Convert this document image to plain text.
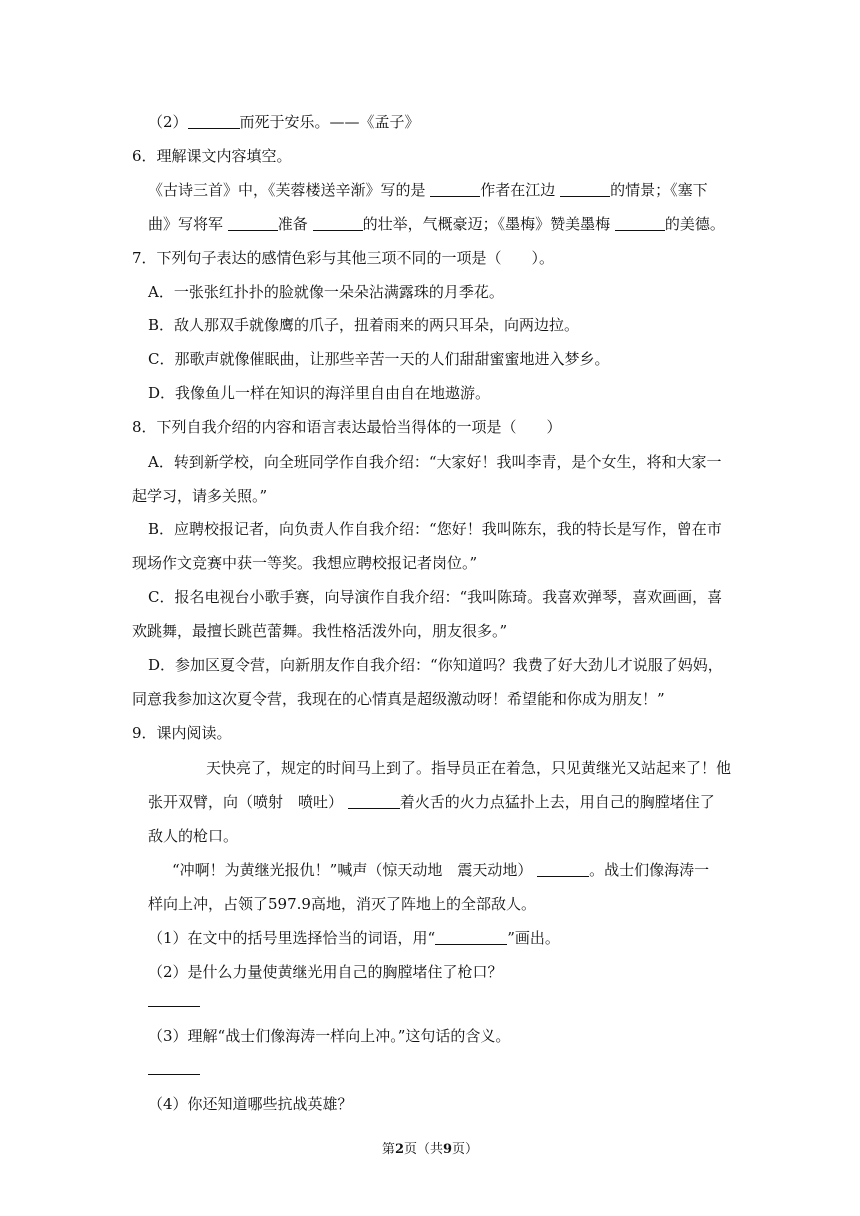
（2）	而死于安乐。——《孟子》
6．理解课文内容填空。
《古诗三首》中，《芙蓉楼送辛渐》写的是	作者在江边	的情景；《塞下
曲》写将军	准备	的壮举，气概豪迈；《墨梅》赞美墨梅	的美德。
7．下列句子表达的感情色彩与其他三项不同的一项是（　　）。
A．一张张红扑扑的脸就像一朵朵沾满露珠的月季花。
B．敌人那双手就像鹰的爪子，扭着雨来的两只耳朵，向两边拉。
C．那歌声就像催眠曲，让那些辛苦一天的人们甜甜蜜蜜地进入梦乡。
D．我像鱼儿一样在知识的海洋里自由自在地遨游。
8．下列自我介绍的内容和语言表达最恰当得体的一项是（　　）
A．转到新学校，向全班同学作自我介绍：“大家好！我叫李青，是个女生，将和大家一
起学习，请多关照。”
B．应聘校报记者，向负责人作自我介绍：“您好！我叫陈东，我的特长是写作，曾在市
现场作文竞赛中获一等奖。我想应聘校报记者岗位。”
C．报名电视台小歌手赛，向导演作自我介绍：“我叫陈琦。我喜欢弹琴，喜欢画画，喜
欢跳舞，最擅长跳芭蕾舞。我性格活泼外向，朋友很多。”
D．参加区夏令营，向新朋友作自我介绍：“你知道吗？我费了好大劲儿才说服了妈妈，
同意我参加这次夏令营，我现在的心情真是超级激动呀！希望能和你成为朋友！”
9．课内阅读。
天快亮了，规定的时间马上到了。指导员正在着急，只见黄继光又站起来了！他
张开双臂，向（喷射　喷吐）	着火舌的火力点猛扑上去，用自己的胸膛堵住了
敌人的枪口。
“冲啊！为黄继光报仇！”喊声（惊天动地　震天动地）	。战士们像海涛一
样向上冲，占领了597.9高地，消灭了阵地上的全部敌人。
（1）在文中的括号里选择恰当的词语，用“	”画出。
（2）是什么力量使黄继光用自己的胸膛堵住了枪口？
（3）理解“战士们像海涛一样向上冲。”这句话的含义。
（4）你还知道哪些抗战英雄？
第2页（共9页）
